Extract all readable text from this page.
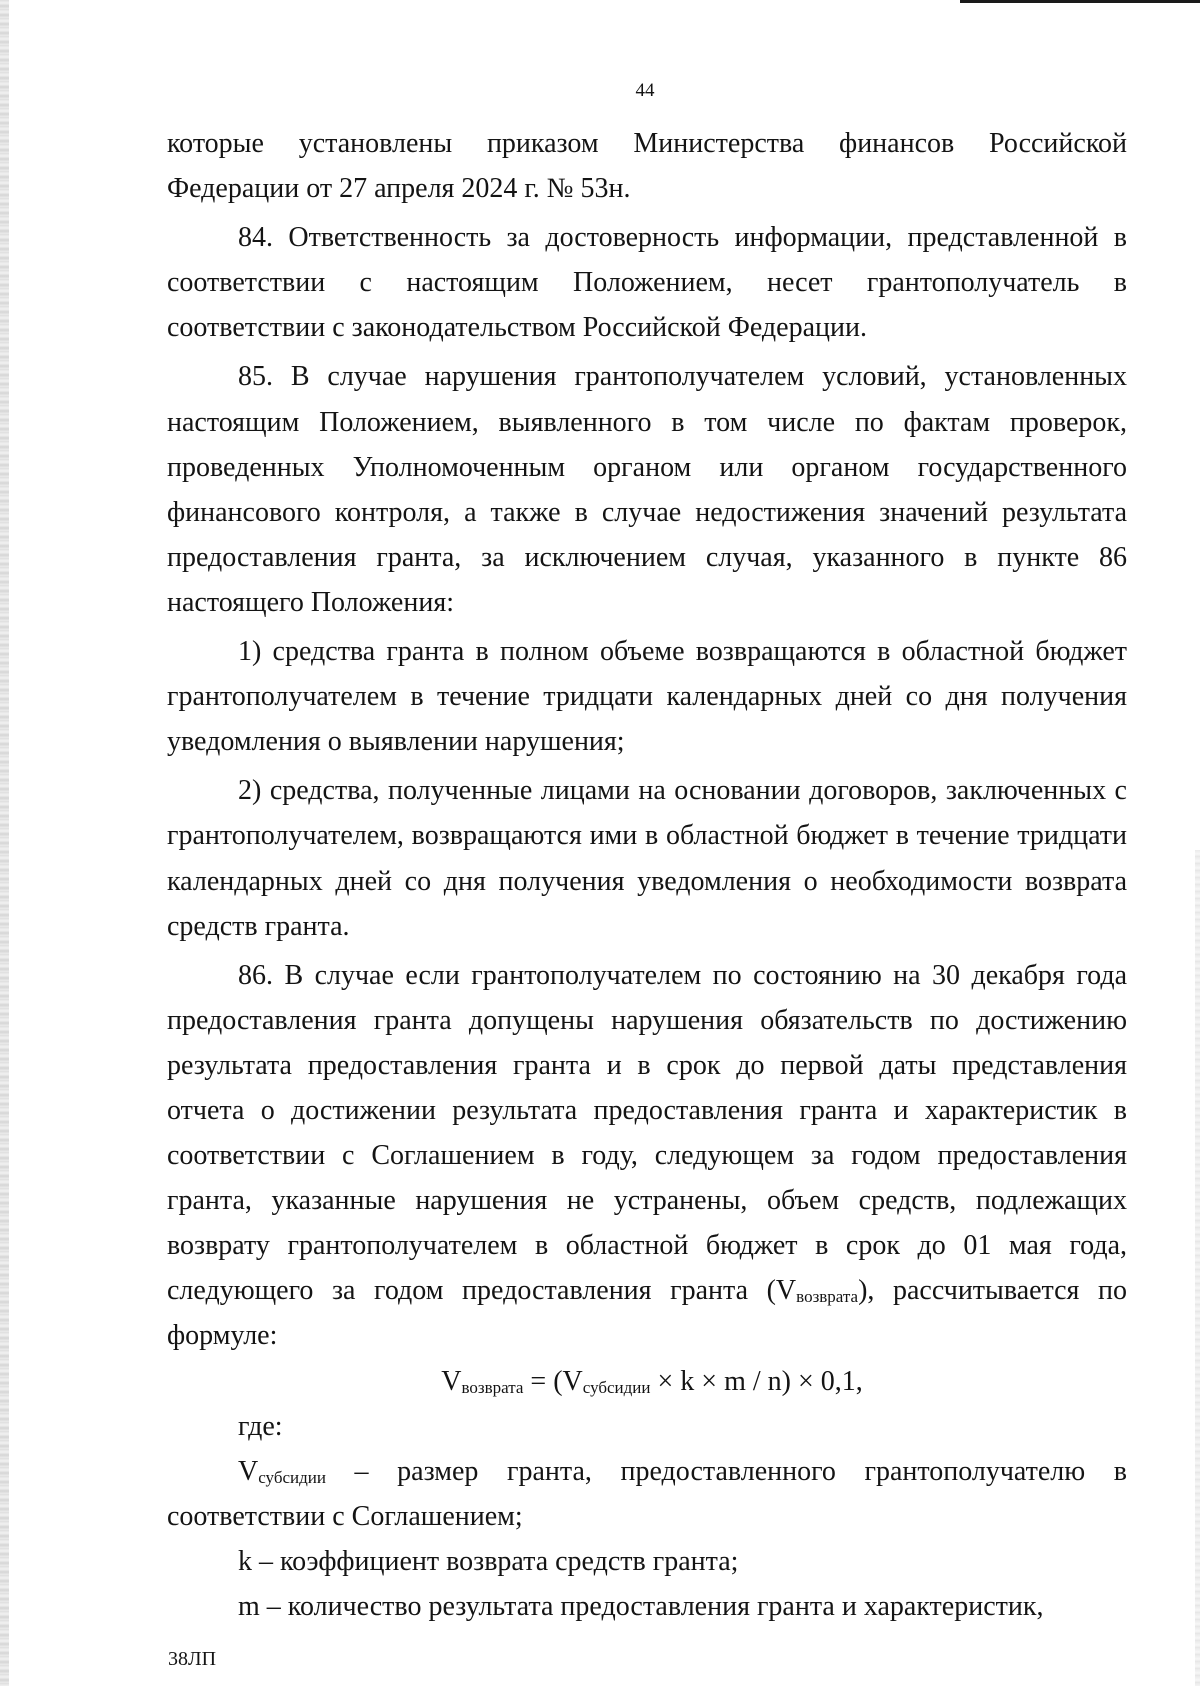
44

которые установлены приказом Министерства финансов Российской Федерации от 27 апреля 2024 г. № 53н.

84. Ответственность за достоверность информации, представленной в соответствии с настоящим Положением, несет грантополучатель в соответствии с законодательством Российской Федерации.

85. В случае нарушения грантополучателем условий, установленных настоящим Положением, выявленного в том числе по фактам проверок, проведенных Уполномоченным органом или органом государственного финансового контроля, а также в случае недостижения значений результата предоставления гранта, за исключением случая, указанного в пункте 86 настоящего Положения:

1) средства гранта в полном объеме возвращаются в областной бюджет грантополучателем в течение тридцати календарных дней со дня получения уведомления о выявлении нарушения;

2) средства, полученные лицами на основании договоров, заключенных с грантополучателем, возвращаются ими в областной бюджет в течение тридцати календарных дней со дня получения уведомления о необходимости возврата средств гранта.

86. В случае если грантополучателем по состоянию на 30 декабря года предоставления гранта допущены нарушения обязательств по достижению результата предоставления гранта и в срок до первой даты представления отчета о достижении результата предоставления гранта и характеристик в соответствии с Соглашением в году, следующем за годом предоставления гранта, указанные нарушения не устранены, объем средств, подлежащих возврату грантополучателем в областной бюджет в срок до 01 мая года, следующего за годом предоставления гранта $(V_{возврата})$, рассчитывается по формуле:

$V_{возврата} = (V_{субсидии} \times k \times m / n) \times 0,1$,

где:

$V_{субсидии}$ – размер гранта, предоставленного грантополучателю в соответствии с Соглашением;

k – коэффициент возврата средств гранта;

m – количество результата предоставления гранта и характеристик,

38ЛП
